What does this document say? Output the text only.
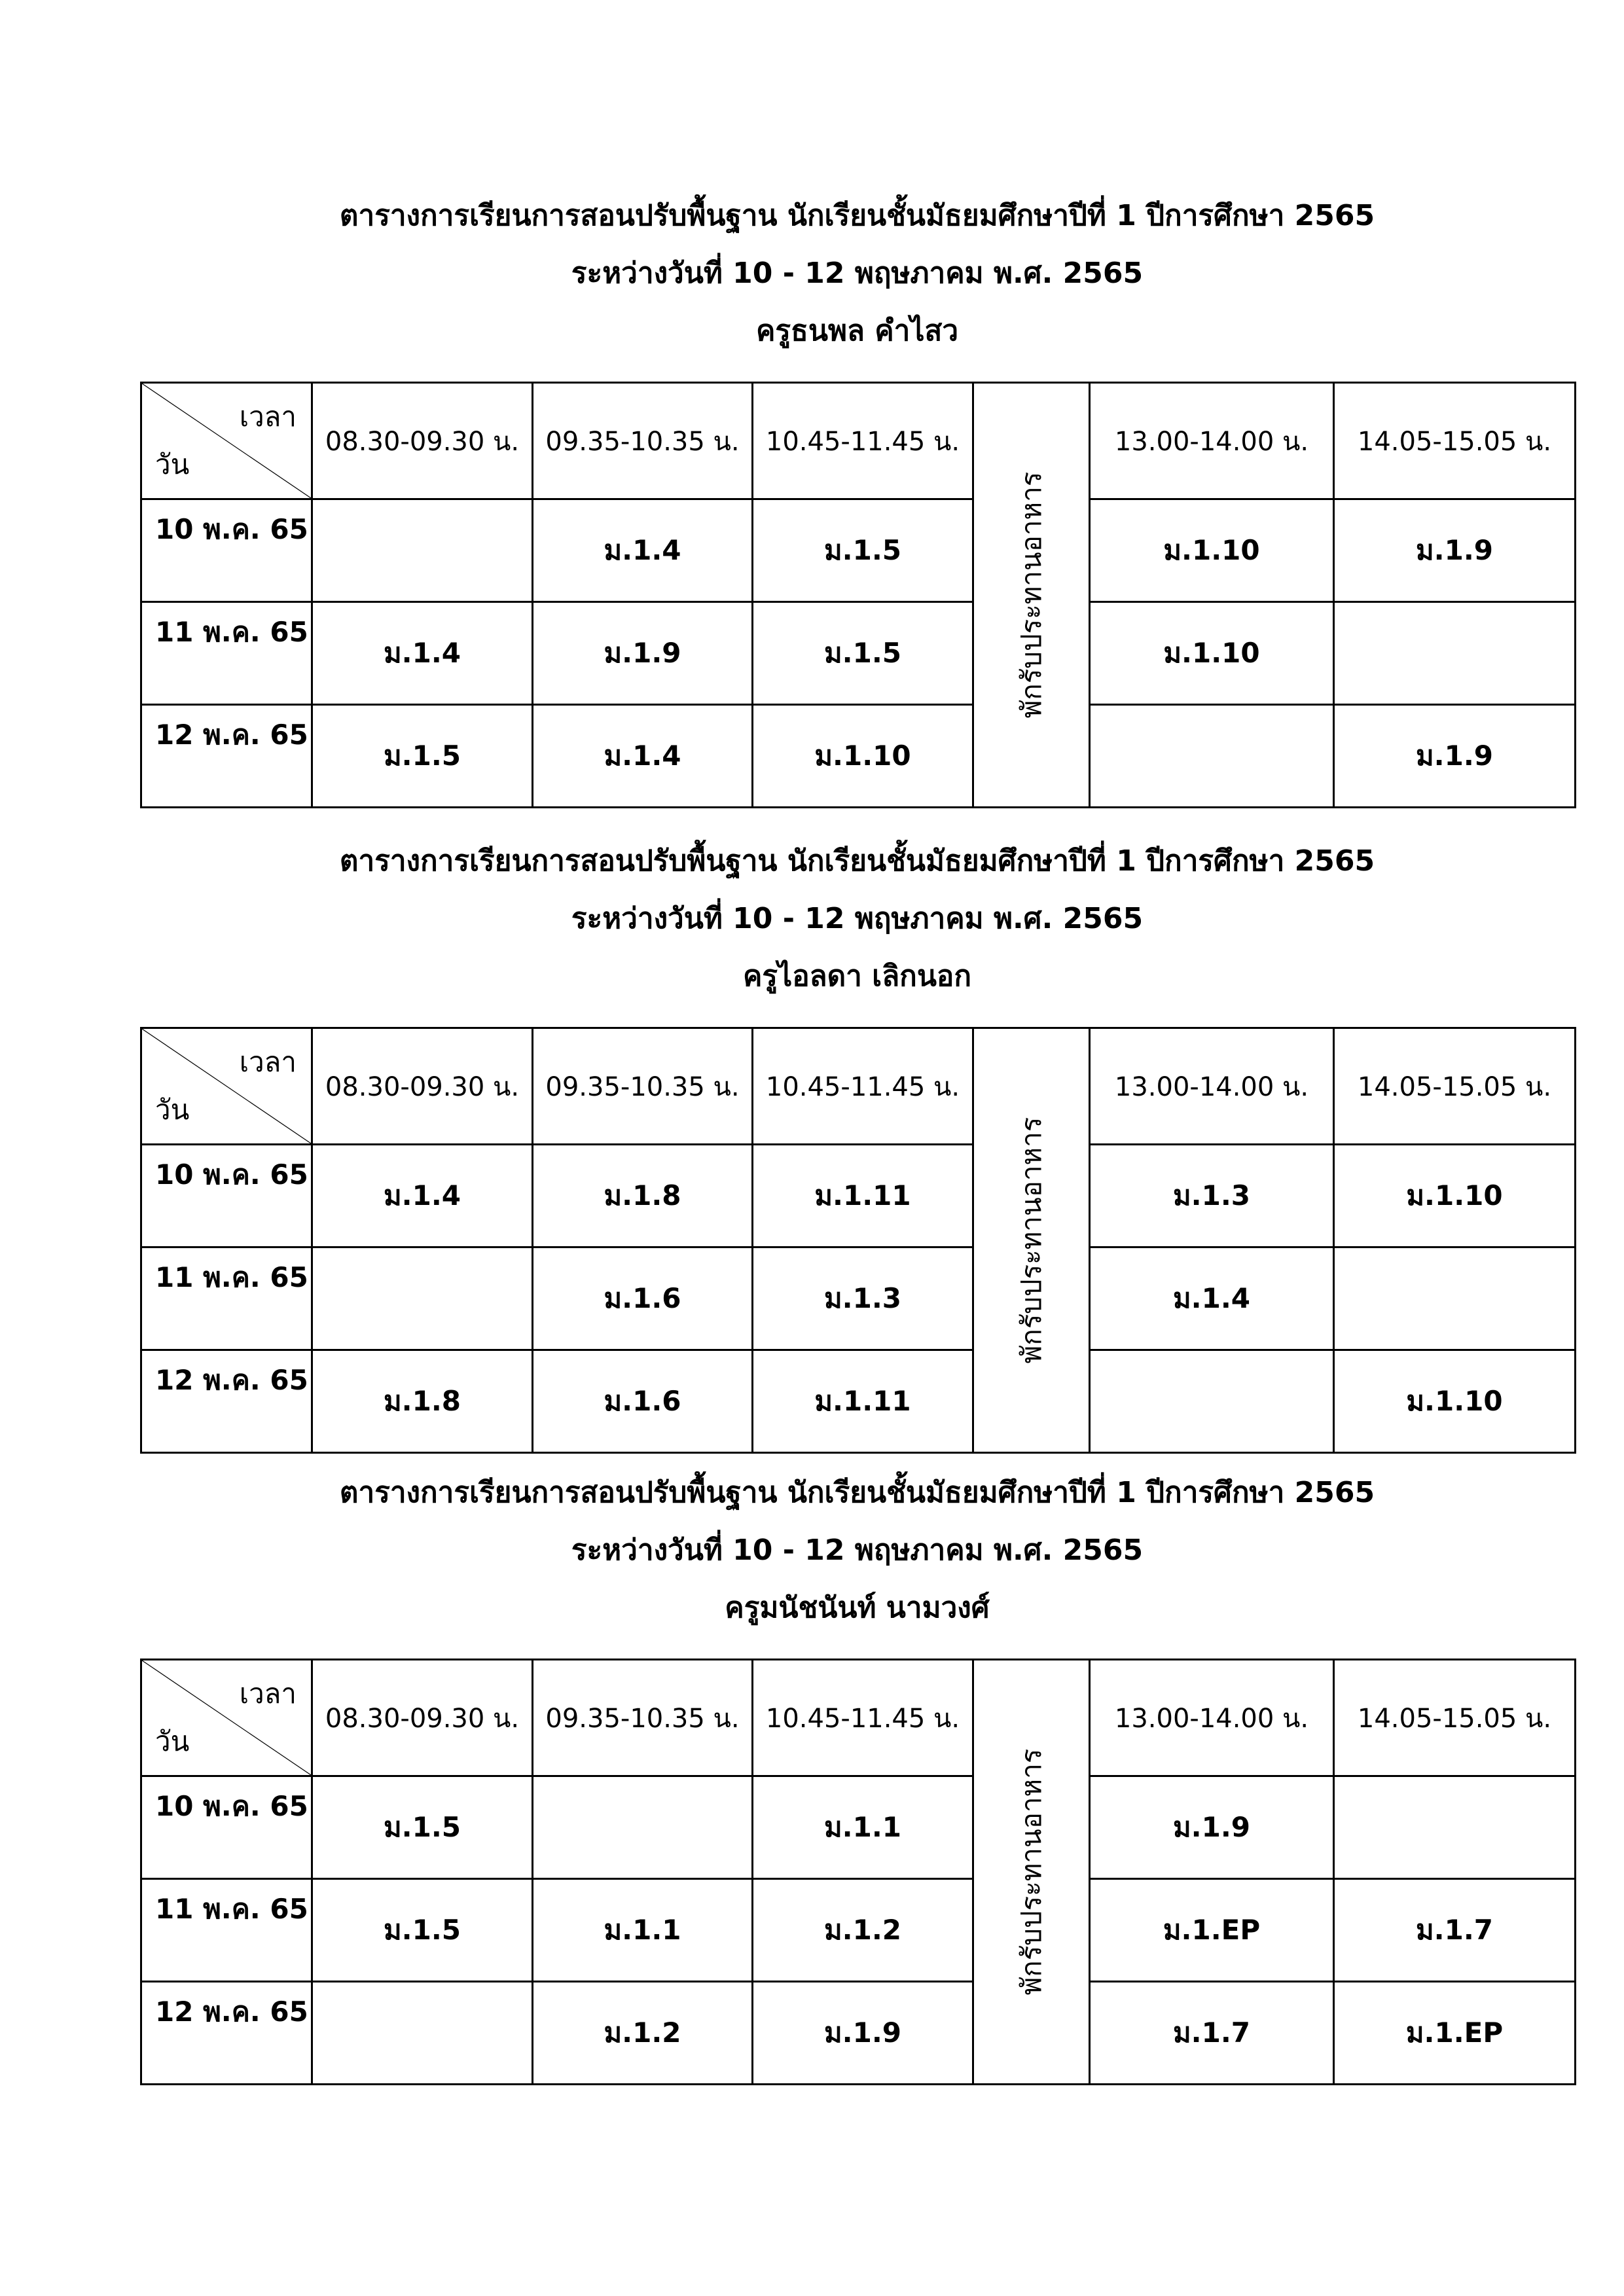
ตารางการเรียนการสอนปรับพื้นฐาน นักเรียนชั้นมัธยมศึกษาปีที่ 1 ปีการศึกษา 2565
ระหว่างวันที่ 10 - 12 พฤษภาคม พ.ศ. 2565
ครูธนพล คำไสว
เวลา
วัน	08.30-09.30 น.	09.35-10.35 น.	10.45-11.45 น.	พักรับประทานอาหาร	13.00-14.00 น.	14.05-15.05 น.
10 พ.ค. 65		ม.1.4	ม.1.5		ม.1.10	ม.1.9
11 พ.ค. 65	ม.1.4	ม.1.9	ม.1.5		ม.1.10	
12 พ.ค. 65	ม.1.5	ม.1.4	ม.1.10			ม.1.9
ตารางการเรียนการสอนปรับพื้นฐาน นักเรียนชั้นมัธยมศึกษาปีที่ 1 ปีการศึกษา 2565
ระหว่างวันที่ 10 - 12 พฤษภาคม พ.ศ. 2565
ครูไอลดา เลิกนอก
เวลา
วัน	08.30-09.30 น.	09.35-10.35 น.	10.45-11.45 น.	พักรับประทานอาหาร	13.00-14.00 น.	14.05-15.05 น.
10 พ.ค. 65	ม.1.4	ม.1.8	ม.1.11		ม.1.3	ม.1.10
11 พ.ค. 65		ม.1.6	ม.1.3		ม.1.4	
12 พ.ค. 65	ม.1.8	ม.1.6	ม.1.11			ม.1.10
ตารางการเรียนการสอนปรับพื้นฐาน นักเรียนชั้นมัธยมศึกษาปีที่ 1 ปีการศึกษา 2565
ระหว่างวันที่ 10 - 12 พฤษภาคม พ.ศ. 2565
ครูมนัชนันท์ นามวงศ์
เวลา
วัน	08.30-09.30 น.	09.35-10.35 น.	10.45-11.45 น.	พักรับประทานอาหาร	13.00-14.00 น.	14.05-15.05 น.
10 พ.ค. 65	ม.1.5		ม.1.1		ม.1.9	
11 พ.ค. 65	ม.1.5	ม.1.1	ม.1.2		ม.1.EP	ม.1.7
12 พ.ค. 65		ม.1.2	ม.1.9		ม.1.7	ม.1.EP
